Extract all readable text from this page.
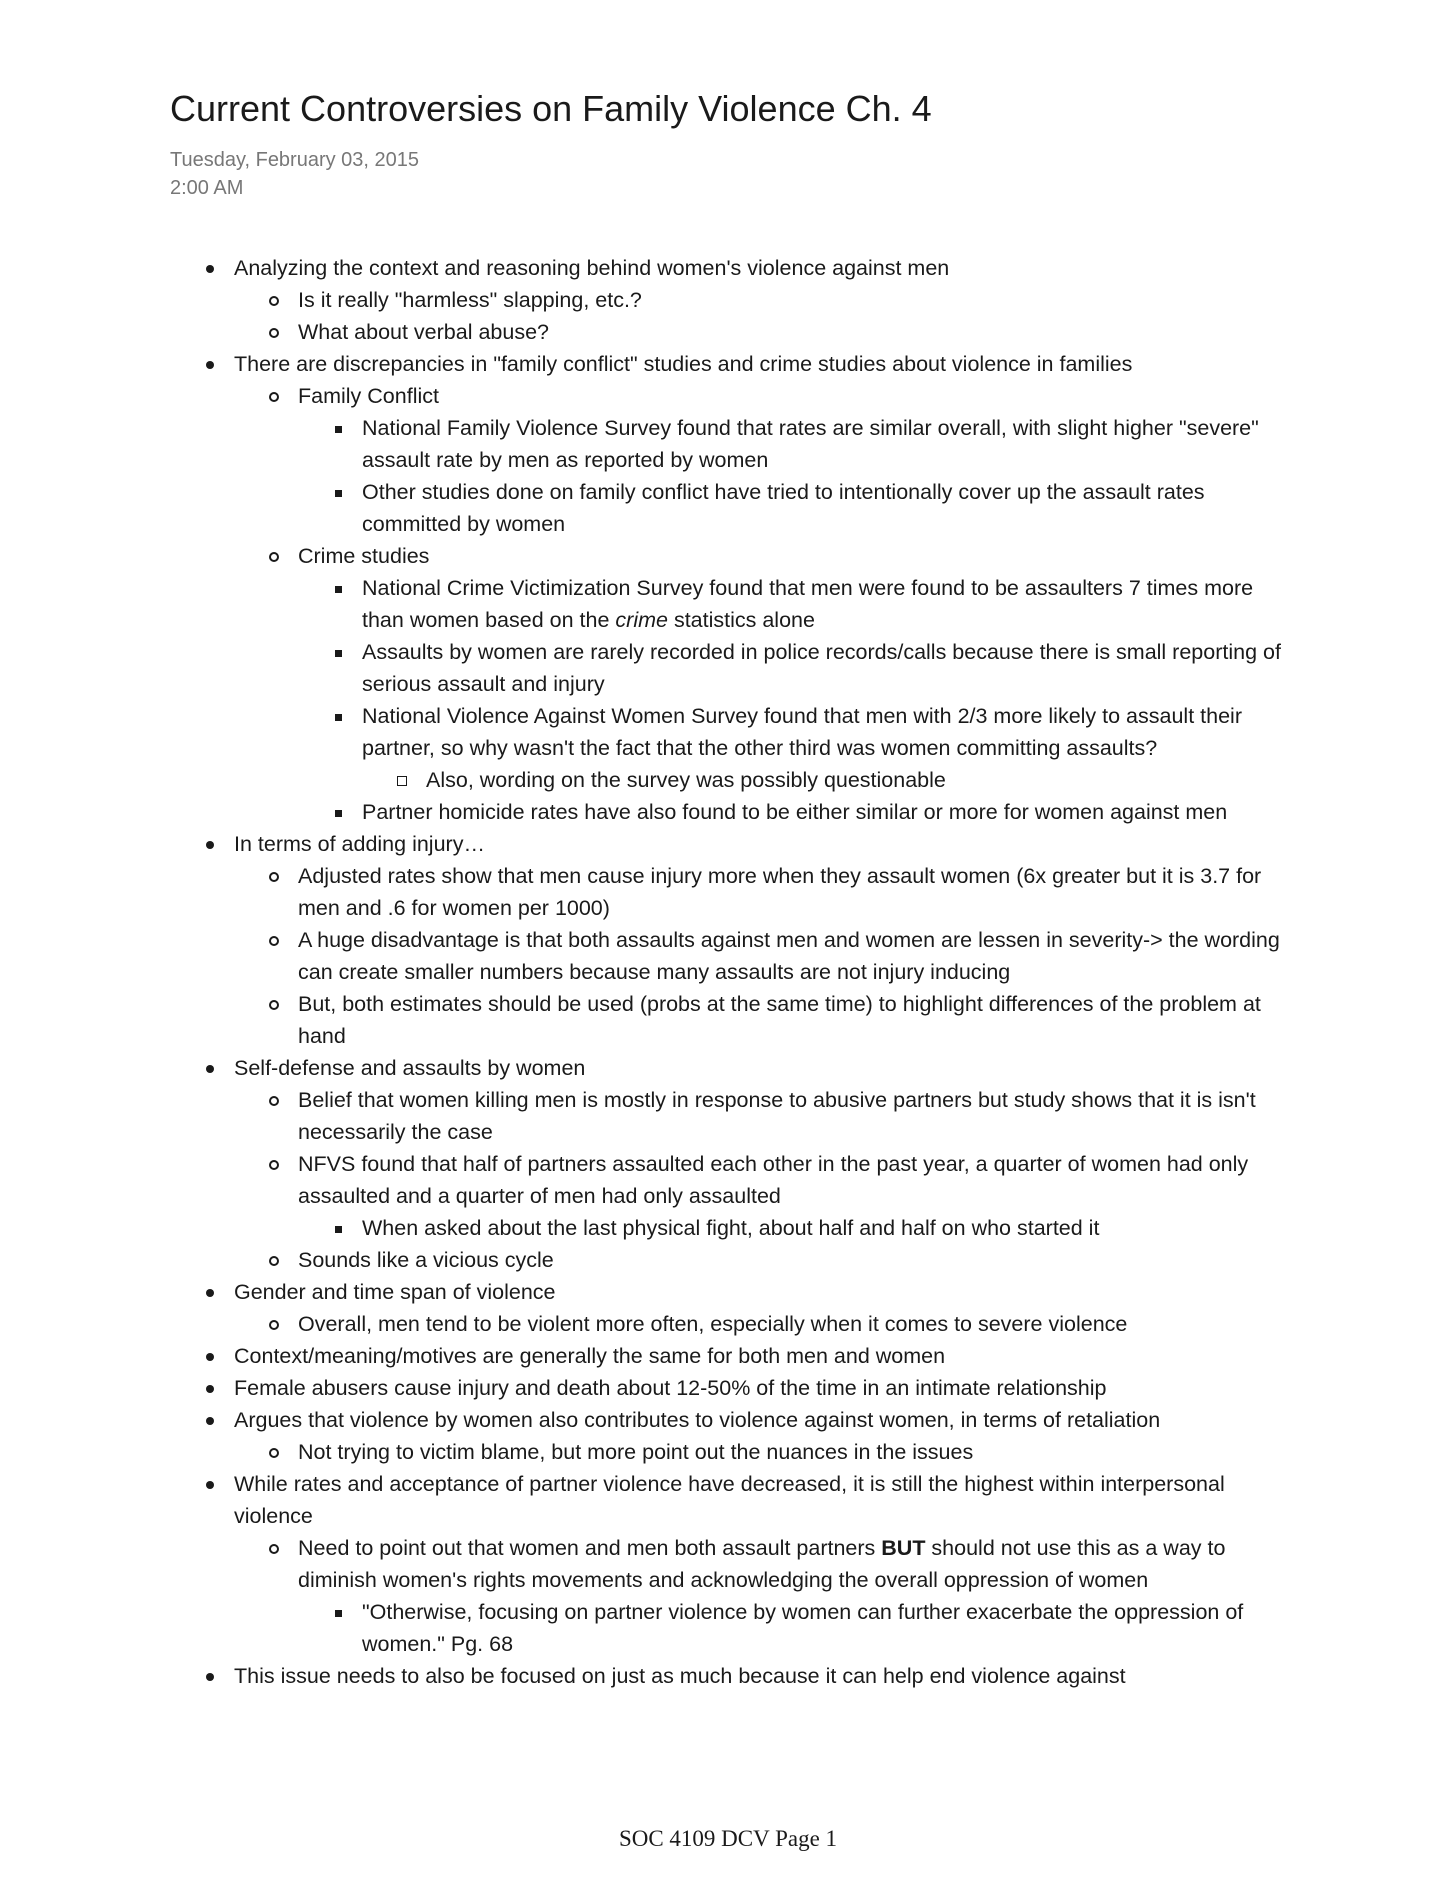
Current Controversies on Family Violence Ch. 4
Tuesday, February 03, 2015
2:00 AM
Analyzing the context and reasoning behind women's violence against men
Is it really "harmless" slapping, etc.?
What about verbal abuse?
There are discrepancies in "family conflict" studies and crime studies about violence in families
Family Conflict
National Family Violence Survey found that rates are similar overall, with slight higher "severe" assault rate by men as reported by women
Other studies done on family conflict have tried to intentionally cover up the assault rates committed by women
Crime studies
National Crime Victimization Survey found that men were found to be assaulters 7 times more than women based on the crime statistics alone
Assaults by women are rarely recorded in police records/calls because there is small reporting of serious assault and injury
National Violence Against Women Survey found that men with 2/3 more likely to assault their partner, so why wasn't the fact that the other third was women committing assaults?
Also, wording on the survey was possibly questionable
Partner homicide rates have also found to be either similar or more for women against men
In terms of adding injury…
Adjusted rates show that men cause injury more when they assault women (6x greater but it is 3.7 for men and .6 for women per 1000)
A huge disadvantage is that both assaults against men and women are lessen in severity-> the wording can create smaller numbers because many assaults are not injury inducing
But, both estimates should be used (probs at the same time) to highlight differences of the problem at hand
Self-defense and assaults by women
Belief that women killing men is mostly in response to abusive partners but study shows that it is isn't necessarily the case
NFVS found that half of partners assaulted each other in the past year, a quarter of women had only assaulted and a quarter of men had only assaulted
When asked about the last physical fight, about half and half on who started it
Sounds like a vicious cycle
Gender and time span of violence
Overall, men tend to be violent more often, especially when it comes to severe violence
Context/meaning/motives are generally the same for both men and women
Female abusers cause injury and death about 12-50% of the time in an intimate relationship
Argues that violence by women also contributes to violence against women, in terms of retaliation
Not trying to victim blame, but more point out the nuances in the issues
While rates and acceptance of partner violence have decreased, it is still the highest within interpersonal violence
Need to point out that women and men both assault partners BUT should not use this as a way to diminish women's rights movements and acknowledging the overall oppression of women
"Otherwise, focusing on partner violence by women can further exacerbate the oppression of women." Pg. 68
This issue needs to also be focused on just as much because it can help end violence against
SOC 4109 DCV Page 1
